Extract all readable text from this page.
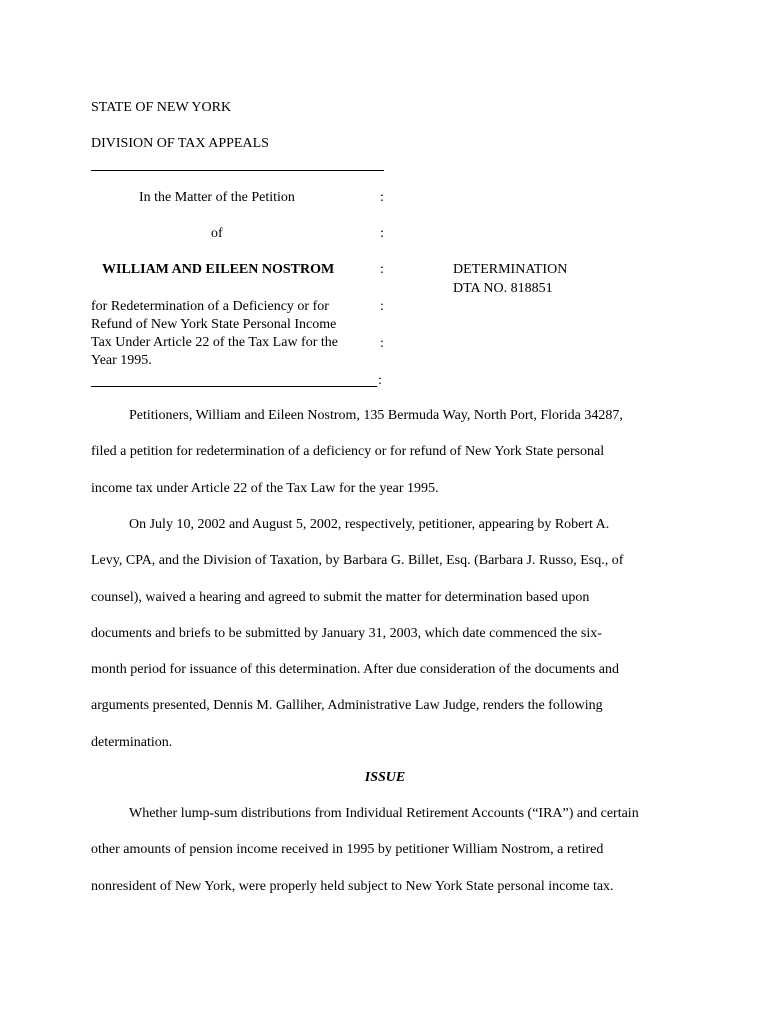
STATE OF NEW YORK
DIVISION OF TAX APPEALS
In the Matter of the Petition	:
of	:
WILLIAM AND EILEEN NOSTROM	:	DETERMINATION
DTA NO. 818851
for Redetermination of a Deficiency or for
Refund of New York State Personal Income
Tax Under Article 22 of the Tax Law for the
Year 1995.
:
:
:
Petitioners, William and Eileen Nostrom, 135 Bermuda Way, North Port, Florida 34287,
filed a petition for redetermination of a deficiency or for refund of New York State personal
income tax under Article 22 of the Tax Law for the year 1995.
On July 10, 2002 and August 5, 2002, respectively, petitioner, appearing by Robert A.
Levy, CPA, and the Division of Taxation, by Barbara G. Billet, Esq. (Barbara J. Russo, Esq., of
counsel), waived a hearing and agreed to submit the matter for determination based upon
documents and briefs to be submitted by January 31, 2003, which date commenced the six-
month period for issuance of this determination. After due consideration of the documents and
arguments presented, Dennis M. Galliher, Administrative Law Judge, renders the following
determination.
ISSUE
Whether lump-sum distributions from Individual Retirement Accounts (“IRA”) and certain
other amounts of pension income received in 1995 by petitioner William Nostrom, a retired
nonresident of New York, were properly held subject to New York State personal income tax.
